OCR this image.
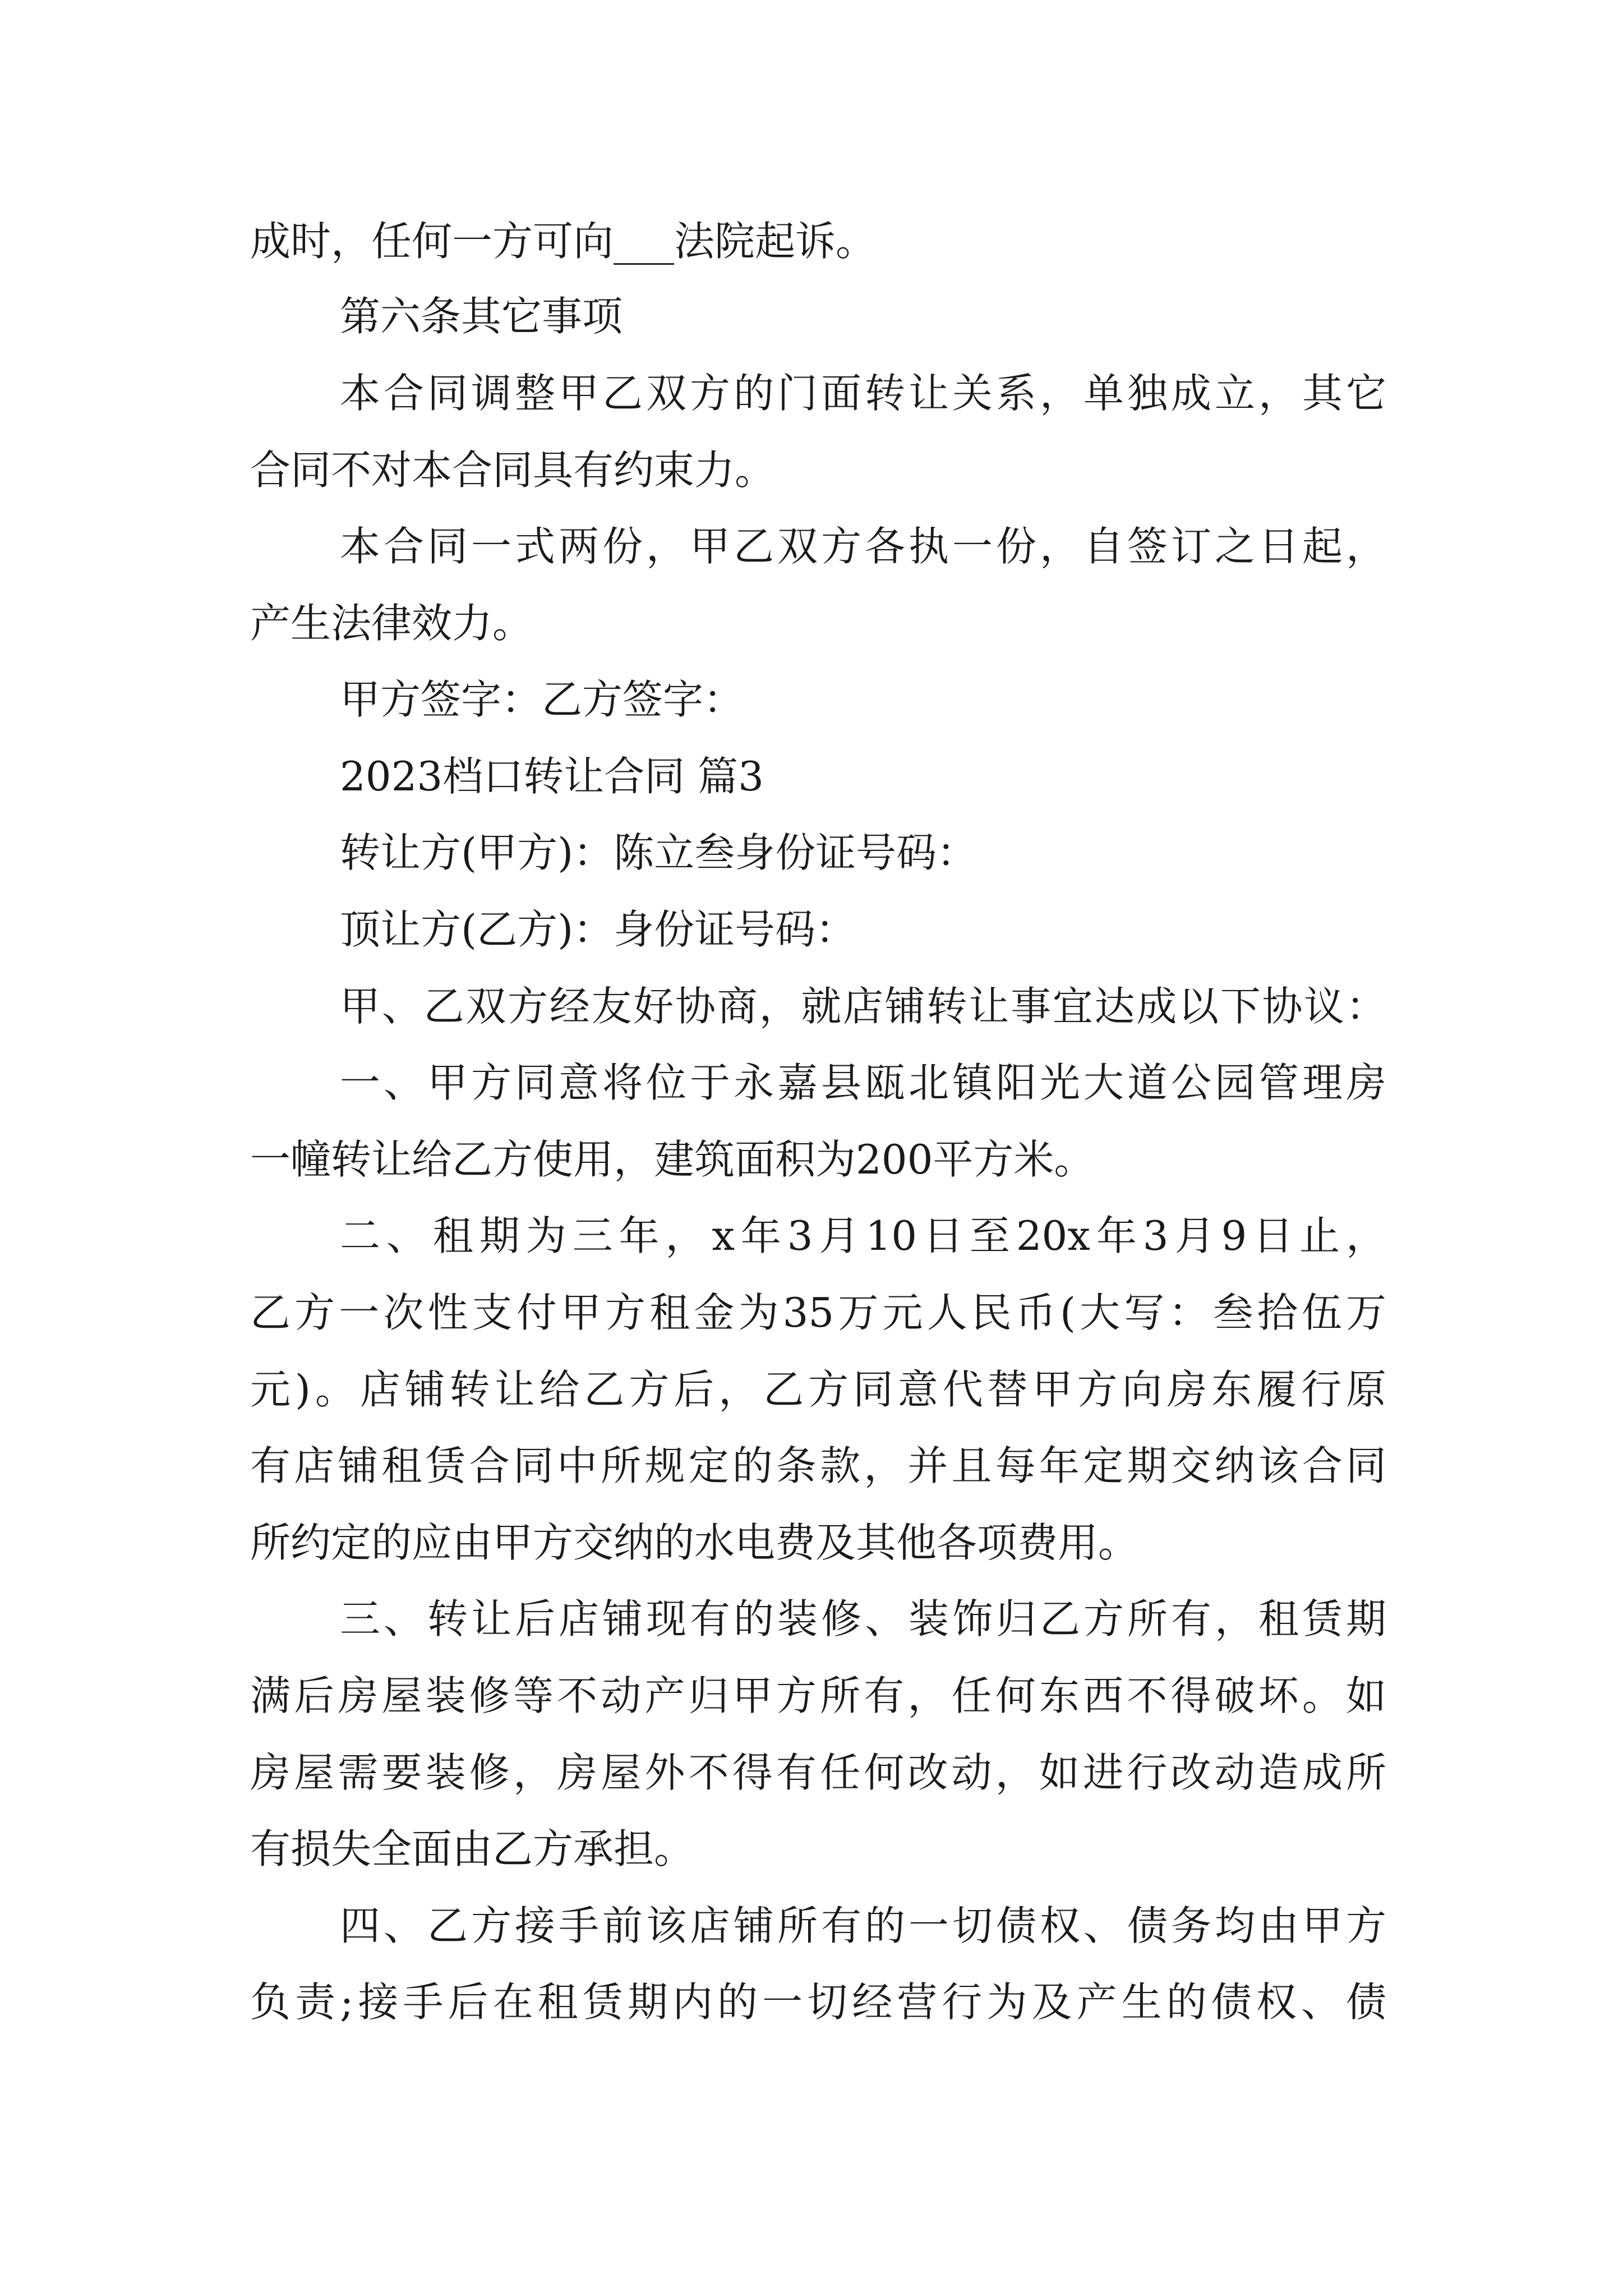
成时，任何一方可向___法院起诉。

第六条其它事项

本合同调整甲乙双方的门面转让关系，单独成立，其它

合同不对本合同具有约束力。

本合同一式两份，甲乙双方各执一份，自签订之日起，

产生法律效力。

甲方签字：乙方签字：

2023档口转让合同 篇3

转让方(甲方)：陈立叁身份证号码：

顶让方(乙方)：身份证号码：

甲、乙双方经友好协商，就店铺转让事宜达成以下协议：

一、甲方同意将位于永嘉县瓯北镇阳光大道公园管理房

一幢转让给乙方使用，建筑面积为200平方米。

二、租期为三年，x年3月10日至20x年3月9日止，

乙方一次性支付甲方租金为35万元人民币(大写：叁拾伍万

元)。店铺转让给乙方后，乙方同意代替甲方向房东履行原

有店铺租赁合同中所规定的条款，并且每年定期交纳该合同

所约定的应由甲方交纳的水电费及其他各项费用。

三、转让后店铺现有的装修、装饰归乙方所有，租赁期

满后房屋装修等不动产归甲方所有，任何东西不得破坏。如

房屋需要装修，房屋外不得有任何改动，如进行改动造成所

有损失全面由乙方承担。

四、乙方接手前该店铺所有的一切债权、债务均由甲方

负责;接手后在租赁期内的一切经营行为及产生的债权、债
